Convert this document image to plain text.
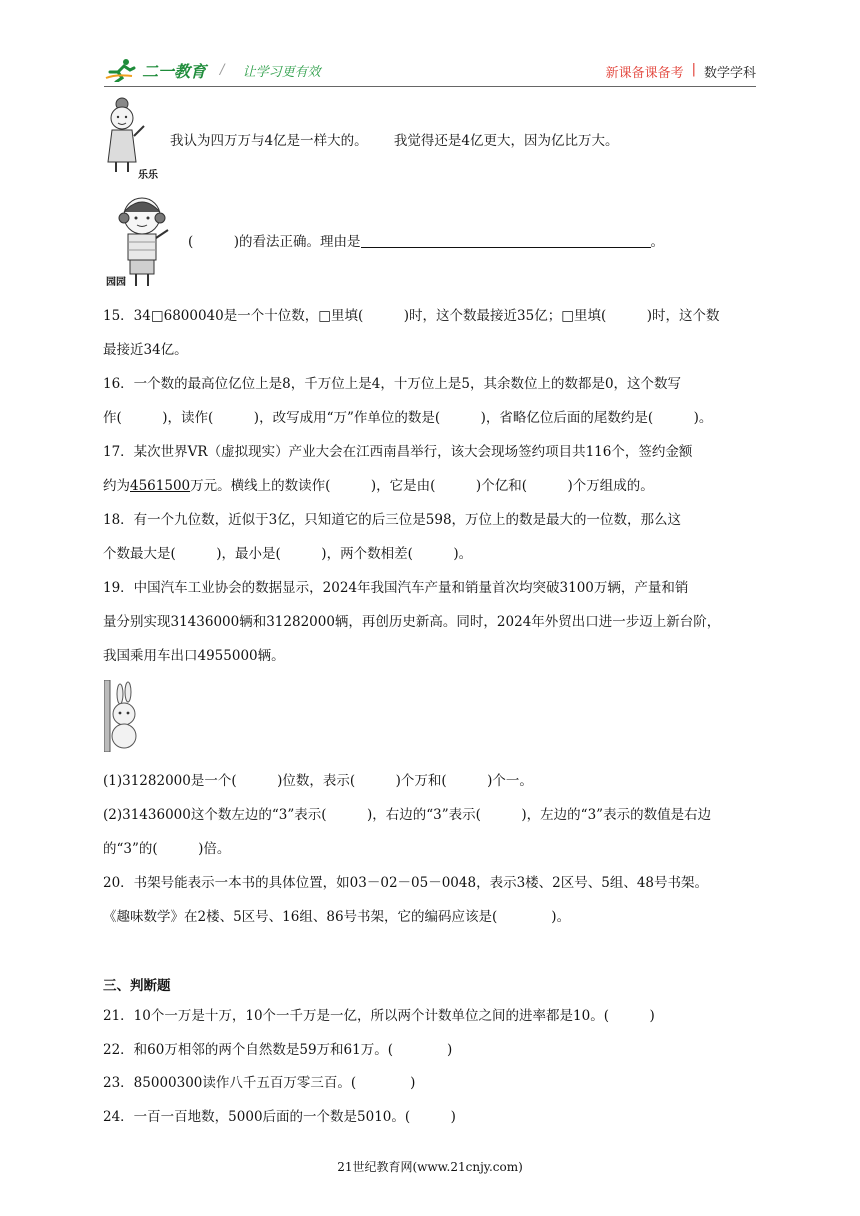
二一教育 / 让学习更有效	新课备课备考 | 数学学科
乐乐
我认为四万万与4亿是一样大的。 我觉得还是4亿更大，因为亿比万大。
园园
(　　　)的看法正确。理由是	。
15．34□6800040是一个十位数，□里填(　　　)时，这个数最接近35亿；□里填(　　　)时，这个数
最接近34亿。
16．一个数的最高位亿位上是8，千万位上是4，十万位上是5，其余数位上的数都是0，这个数写
作(　　　)，读作(　　　)，改写成用“万”作单位的数是(　　　)，省略亿位后面的尾数约是(　　　)。
17．某次世界VR（虚拟现实）产业大会在江西南昌举行，该大会现场签约项目共116个，签约金额
约为4561500万元。横线上的数读作(　　　)，它是由(　　　)个亿和(　　　)个万组成的。
18．有一个九位数，近似于3亿，只知道它的后三位是598，万位上的数是最大的一位数，那么这
个数最大是(　　　)，最小是(　　　)，两个数相差(　　　)。
19．中国汽车工业协会的数据显示，2024年我国汽车产量和销量首次均突破3100万辆，产量和销
量分别实现31436000辆和31282000辆，再创历史新高。同时，2024年外贸出口进一步迈上新台阶，
我国乘用车出口4955000辆。
(1)31282000是一个(　　　)位数，表示(　　　)个万和(　　　)个一。
(2)31436000这个数左边的“3”表示(　　　)，右边的“3”表示(　　　)，左边的“3”表示的数值是右边
的“3”的(　　　)倍。
20．书架号能表示一本书的具体位置，如03－02－05－0048，表示3楼、2区号、5组、48号书架。
《趣味数学》在2楼、5区号、16组、86号书架，它的编码应该是(　　　　)。
三、判断题
21．10个一万是十万，10个一千万是一亿，所以两个计数单位之间的进率都是10。(　　　)
22．和60万相邻的两个自然数是59万和61万。(　　　　)
23．85000300读作八千五百万零三百。(　　　　)
24．一百一百地数，5000后面的一个数是5010。(　　　)
21世纪教育网(www.21cnjy.com)
